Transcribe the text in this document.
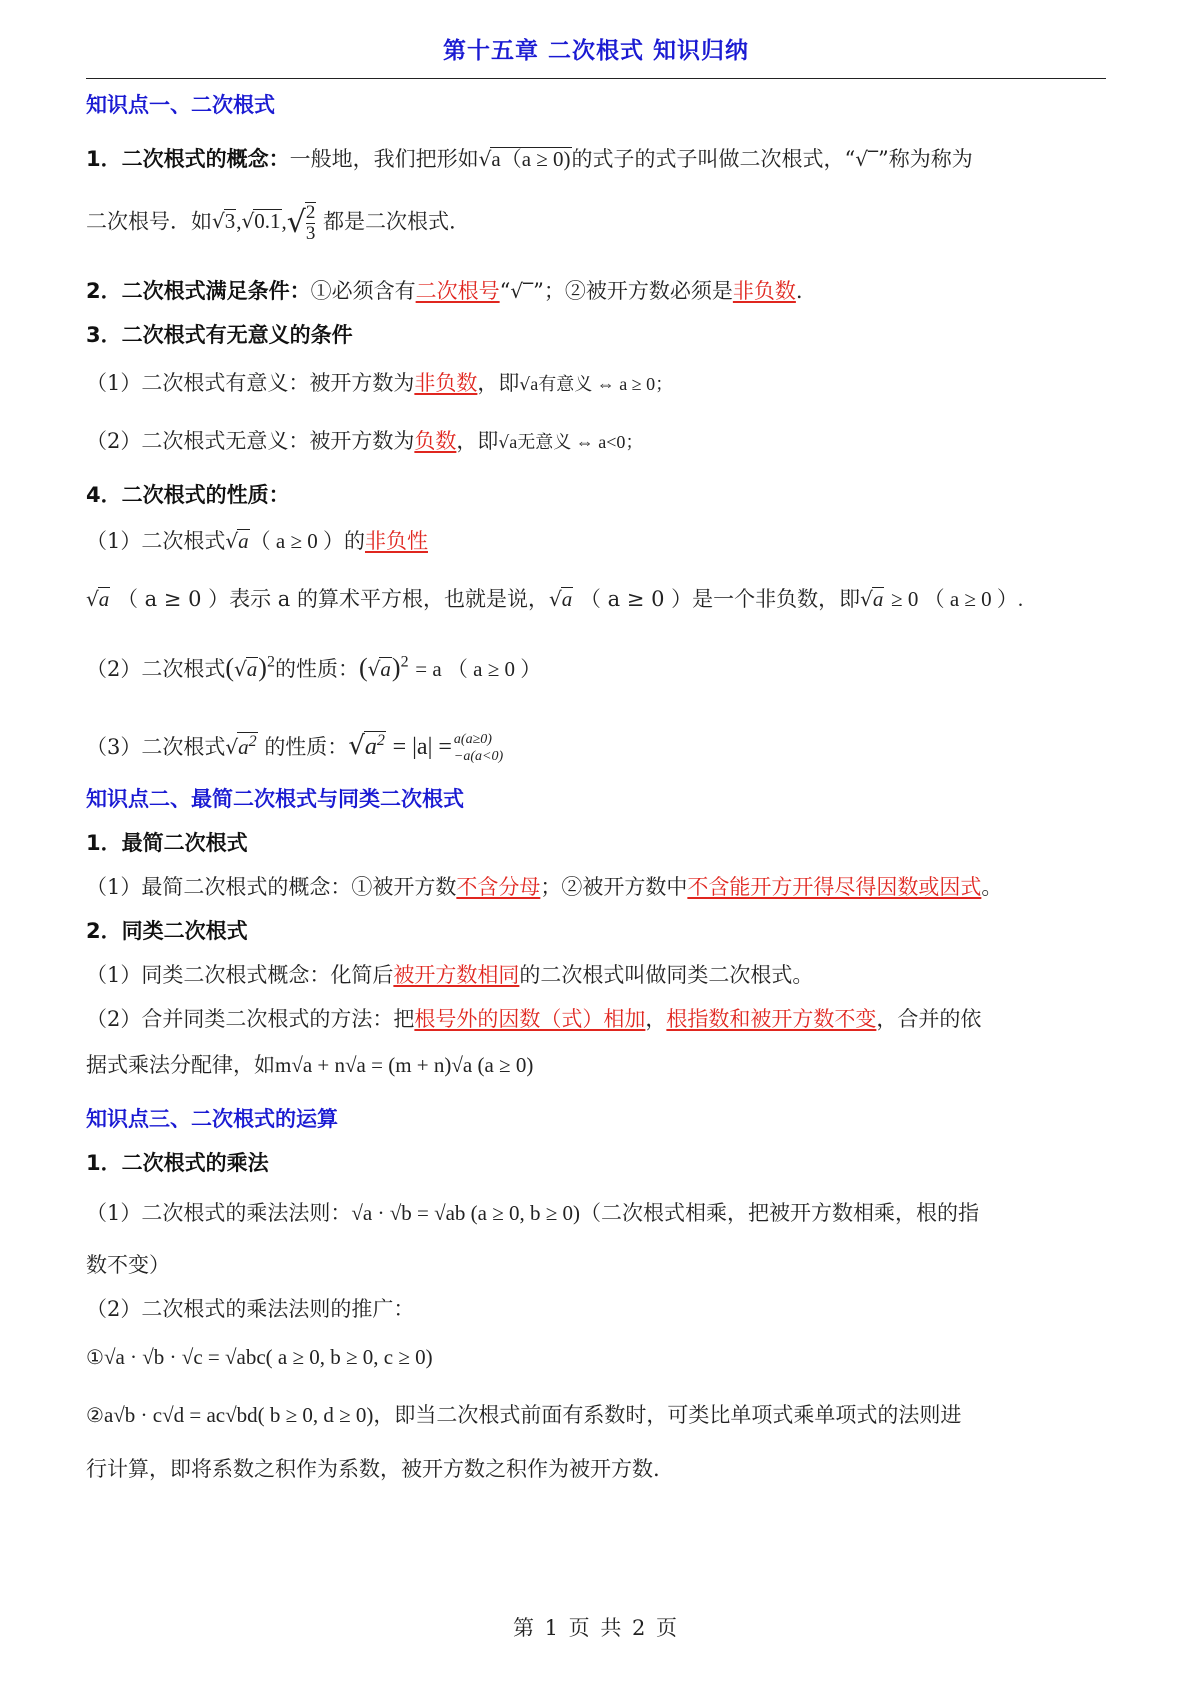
第十五章 二次根式 知识归纳
知识点一、二次根式
1．二次根式的概念：一般地，我们把形如√a（a ≥ 0)的式子的式子叫做二次根式，“√‾”称为称为
二次根号．如$√3,√0.1,√ \frac{2}{3}$ 都是二次根式.
2．二次根式满足条件：①必须含有二次根号“√‾”；②被开方数必须是非负数.
3．二次根式有无意义的条件
（1）二次根式有意义：被开方数为非负数，即√a有意义 ⇔ a ≥ 0；
（2）二次根式无意义：被开方数为负数，即√a无意义 ⇔ a<0；
4．二次根式的性质：
（1）二次根式√a（ a ≥ 0 ）的非负性
√a （ a ≥ 0 ）表示 a 的算术平方根，也就是说，√a （ a ≥ 0 ）是一个非负数，即√a ≥ 0 （ a ≥ 0 ）.
（2）二次根式$(√a)^2$的性质：$(√a)^2 = a$ （ a ≥ 0 ）
（3）二次根式$√a^2$ 的性质：$√a^2 = |a| = a(a\ge 0)$
−a(a<0)
知识点二、最简二次根式与同类二次根式
1．最简二次根式
（1）最简二次根式的概念：①被开方数不含分母；②被开方数中不含能开方开得尽得因数或因式。
2．同类二次根式
（1）同类二次根式概念：化简后被开方数相同的二次根式叫做同类二次根式。
（2）合并同类二次根式的方法：把根号外的因数（式）相加，根指数和被开方数不变，合并的依
据式乘法分配律，如m√a + n√a = (m + n)√a (a ≥ 0)
知识点三、二次根式的运算
1．二次根式的乘法
（1）二次根式的乘法法则：√a · √b = √ab (a ≥ 0, b ≥ 0)（二次根式相乘，把被开方数相乘，根的指
数不变）
（2）二次根式的乘法法则的推广：
①√a · √b · √c = √abc( a ≥ 0, b ≥ 0, c ≥ 0)
②a√b · c√d = ac√bd( b ≥ 0, d ≥ 0)，即当二次根式前面有系数时，可类比单项式乘单项式的法则进
行计算，即将系数之积作为系数，被开方数之积作为被开方数.
第 1 页 共 2 页
